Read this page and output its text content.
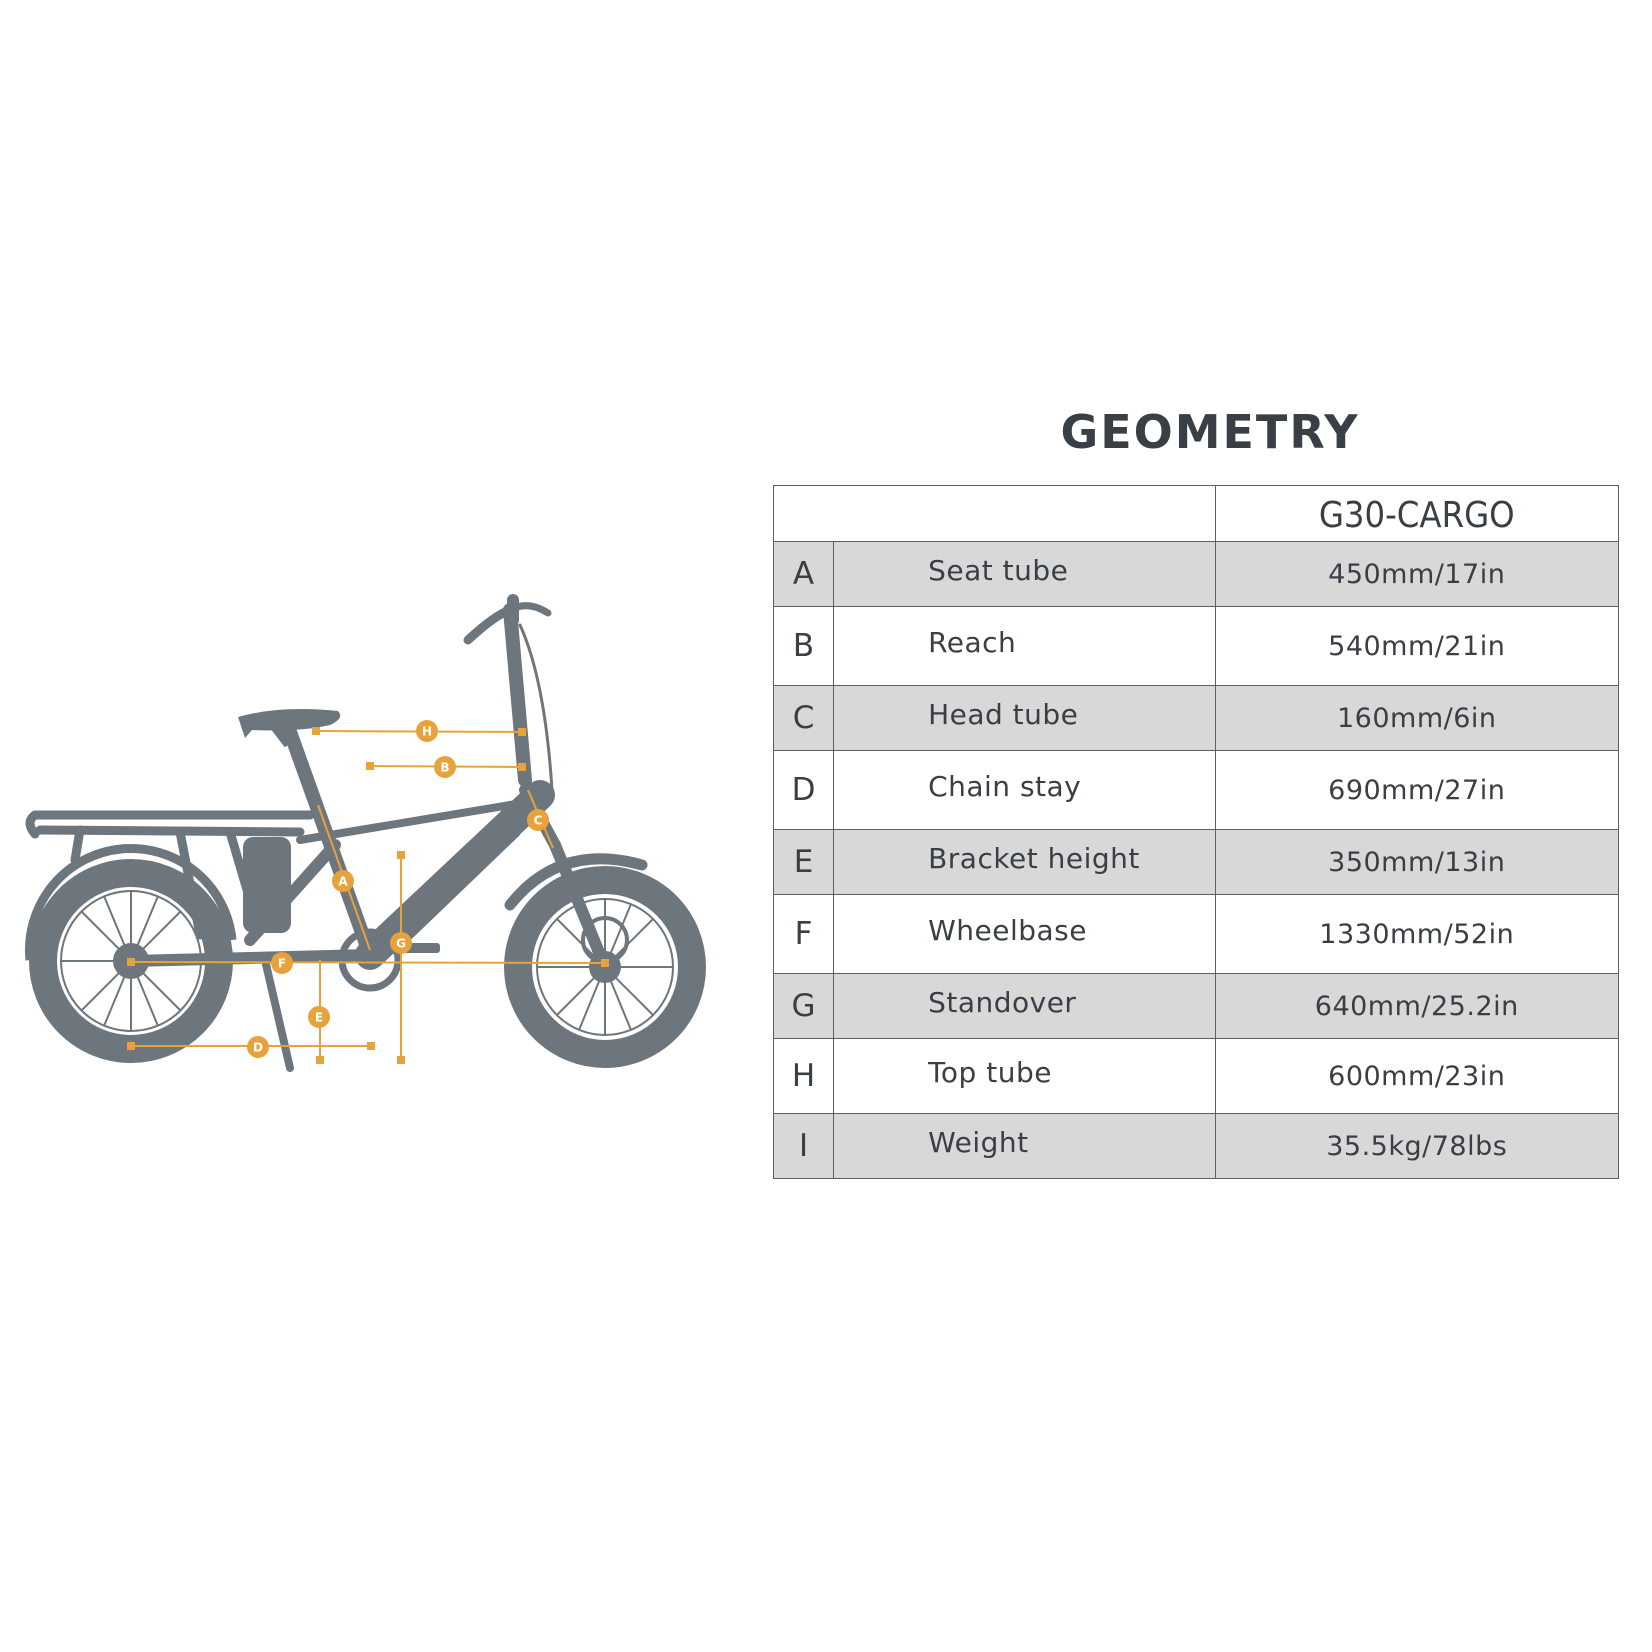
H
B
C
A
G
F
E
D
GEOMETRY
		G30-CARGO
A	Seat tube	450mm/17in
B	Reach	540mm/21in
C	Head tube	160mm/6in
D	Chain stay	690mm/27in
E	Bracket height	350mm/13in
F	Wheelbase	1330mm/52in
G	Standover	640mm/25.2in
H	Top tube	600mm/23in
I	Weight	35.5kg/78lbs
